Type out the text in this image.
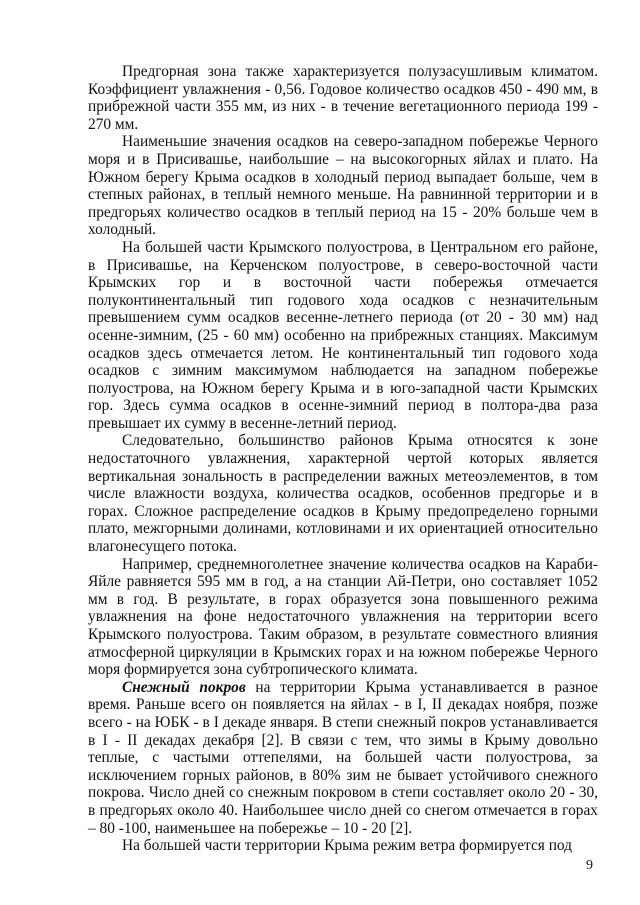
Предгорная зона также характеризуется полузасушливым климатом. Коэффициент увлажнения - 0,56. Годовое количество осадков 450 - 490 мм, в прибрежной части 355 мм, из них - в течение вегетационного периода 199 - 270 мм.

Наименьшие значения осадков на северо-западном побережье Черного моря и в Присивашье, наибольшие – на высокогорных яйлах и плато. На Южном берегу Крыма осадков в холодный период выпадает больше, чем в степных районах, в теплый немного меньше. На равнинной территории и в предгорьях количество осадков в теплый период на 15 - 20% больше чем в холодный.

На большей части Крымского полуострова, в Центральном его районе, в Присивашье, на Керченском полуострове, в северо-восточной части Крымских гор и в восточной части побережья отмечается полуконтинентальный тип годового хода осадков с незначительным превышением сумм осадков весенне-летнего периода (от 20 - 30 мм) над осенне-зимним, (25 - 60 мм) особенно на прибрежных станциях. Максимум осадков здесь отмечается летом. Не континентальный тип годового хода осадков с зимним максимумом наблюдается на западном побережье полуострова, на Южном берегу Крыма и в юго-западной части Крымских гор. Здесь сумма осадков в осенне-зимний период в полтора-два раза превышает их сумму в весенне-летний период.

Следовательно, большинство районов Крыма относятся к зоне недостаточного увлажнения, характерной чертой которых является вертикальная зональность в распределении важных метеоэлементов, в том числе влажности воздуха, количества осадков, особеннов предгорье и в горах. Сложное распределение осадков в Крыму предопределено горными плато, межгорными долинами, котловинами и их ориентацией относительно влагонесущего потока.

Например, среднемноголетнее значение количества осадков на Караби-Яйле равняется 595 мм в год, а на станции Ай-Петри, оно составляет 1052 мм в год. В результате, в горах образуется зона повышенного режима увлажнения на фоне недостаточного увлажнения на территории всего Крымского полуострова. Таким образом, в результате совместного влияния атмосферной циркуляции в Крымских горах и на южном побережье Черного моря формируется зона субтропического климата.

Снежный покров на территории Крыма устанавливается в разное время. Раньше всего он появляется на яйлах - в I, II декадах ноября, позже всего - на ЮБК - в I декаде января. В степи снежный покров устанавливается в I - II декадах декабря [2]. В связи с тем, что зимы в Крыму довольно теплые, с частыми оттепелями, на большей части полуострова, за исключением горных районов, в 80% зим не бывает устойчивого снежного покрова. Число дней со снежным покровом в степи составляет около 20 - 30, в предгорьях около 40. Наибольшее число дней со снегом отмечается в горах – 80 -100, наименьшее на побережье – 10 - 20 [2].

На большей части территории Крыма режим ветра формируется под

9
